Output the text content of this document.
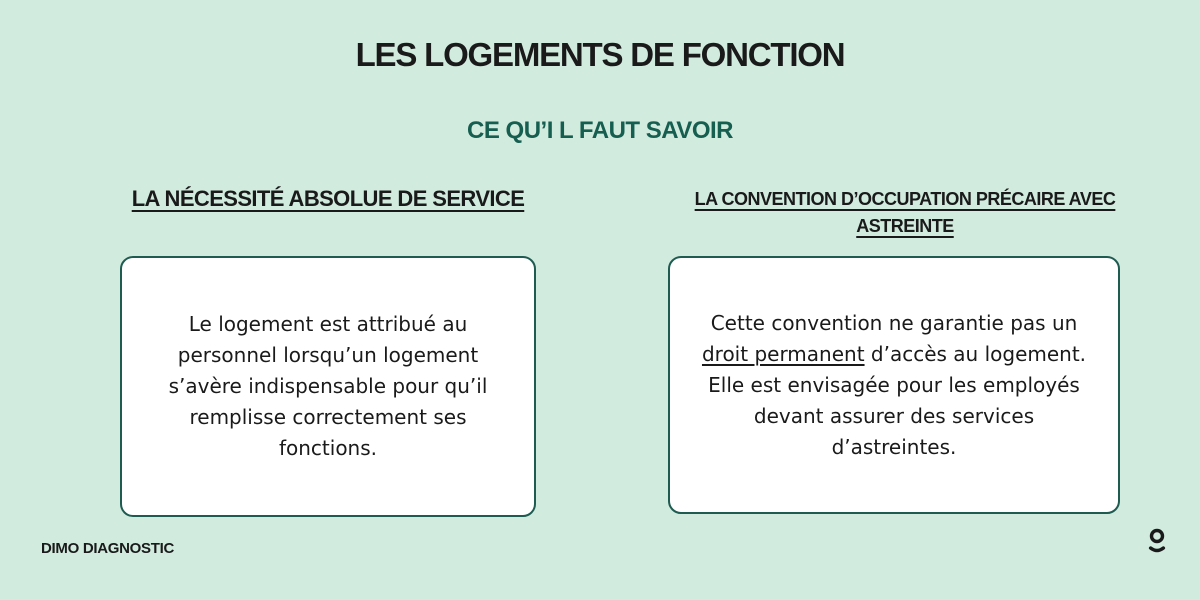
LES LOGEMENTS DE FONCTION
CE QU’I L FAUT SAVOIR
LA NÉCESSITÉ ABSOLUE DE SERVICE	LA CONVENTION D’OCCUPATION PRÉCAIRE AVEC ASTREINTE

Le logement est attribué au personnel lorsqu’un logement s’avère indispensable pour qu’il remplisse correctement ses fonctions.

Cette convention ne garantie pas un droit permanent d’accès au logement. Elle est envisagée pour les employés devant assurer des services d’astreintes.

DIMO DIAGNOSTIC
